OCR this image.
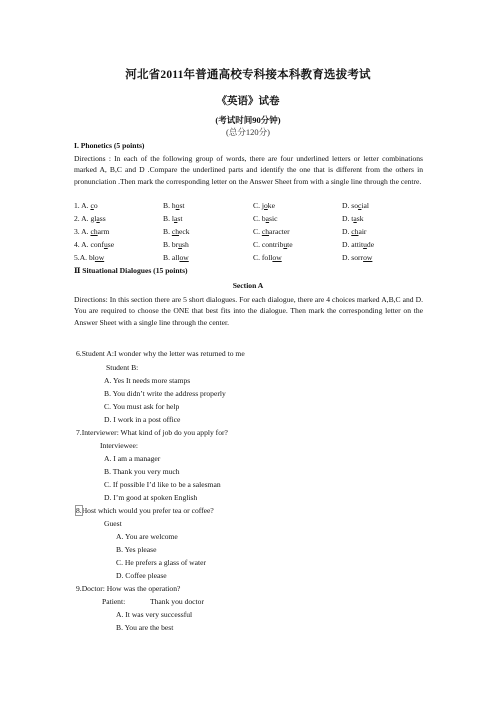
河北省2011年普通高校专科接本科教育选拔考试
《英语》试卷
(考试时间90分钟)
(总分120分)
I. Phonetics (5 points)
Directions : In each of the following group of words, there are four underlined letters or letter combinations marked A, B,C and D .Compare the underlined parts and identify the one that is different from the others in pronunciation .Then mark the corresponding letter on the Answer Sheet from with a single line through the centre.
1. A. co	B. host	C. joke	D. social
2. A. glass	B. last	C. basic	D. task
3. A. charm	B. check	C. character	D. chair
4. A. confuse	B. brush	C. contribute	D. attitude
5.A. blow	B. allow	C. follow	D. sorrow
Ⅱ Situational Dialogues (15 points)
Section A
Directions: In this section there are 5 short dialogues. For each dialogue, there are 4 choices marked A,B,C and D. You are required to choose the ONE that best fits into the dialogue. Then mark the corresponding letter on the Answer Sheet with a single line through the center.
6.Student A:I wonder why the letter was returned to me
Student B:
A. Yes It needs more stamps
B. You didn’t write the address properly
C. You must ask for help
D. I work in a post office
7.Interviewer: What kind of job do you apply for?
Interviewee:
A. I am a manager
B. Thank you very much
C. If possible I’d like to be a salesman
D. I’m good at spoken English
8.Host which would you prefer tea or coffee?
Guest
A. You are welcome
B. Yes please
C. He prefers a glass of water
D. Coffee please
9.Doctor: How was the operation?
Patient:	Thank you doctor
A. It was very successful
B. You are the best
